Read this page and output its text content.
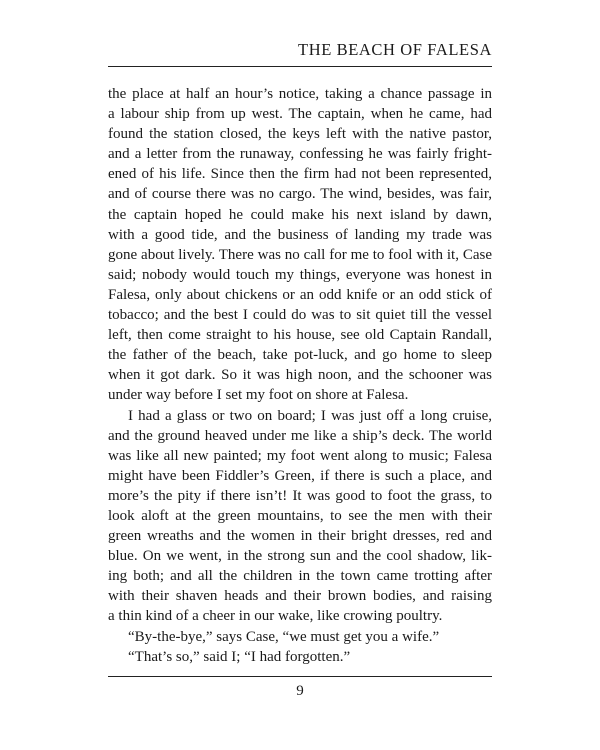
THE BEACH OF FALESA
the place at half an hour’s notice, taking a chance passage in
a labour ship from up west. The captain, when he came, had
found the station closed, the keys left with the native pastor,
and a letter from the runaway, confessing he was fairly fright-
ened of his life. Since then the firm had not been represented,
and of course there was no cargo. The wind, besides, was fair,
the captain hoped he could make his next island by dawn,
with a good tide, and the business of landing my trade was
gone about lively. There was no call for me to fool with it, Case
said; nobody would touch my things, everyone was honest in
Falesa, only about chickens or an odd knife or an odd stick of
tobacco; and the best I could do was to sit quiet till the vessel
left, then come straight to his house, see old Captain Randall,
the father of the beach, take pot-luck, and go home to sleep
when it got dark. So it was high noon, and the schooner was
under way before I set my foot on shore at Falesa.
I had a glass or two on board; I was just off a long cruise,
and the ground heaved under me like a ship’s deck. The world
was like all new painted; my foot went along to music; Falesa
might have been Fiddler’s Green, if there is such a place, and
more’s the pity if there isn’t! It was good to foot the grass, to
look aloft at the green mountains, to see the men with their
green wreaths and the women in their bright dresses, red and
blue. On we went, in the strong sun and the cool shadow, lik-
ing both; and all the children in the town came trotting after
with their shaven heads and their brown bodies, and raising
a thin kind of a cheer in our wake, like crowing poultry.
“By-the-bye,” says Case, “we must get you a wife.”
“That’s so,” said I; “I had forgotten.”
9
